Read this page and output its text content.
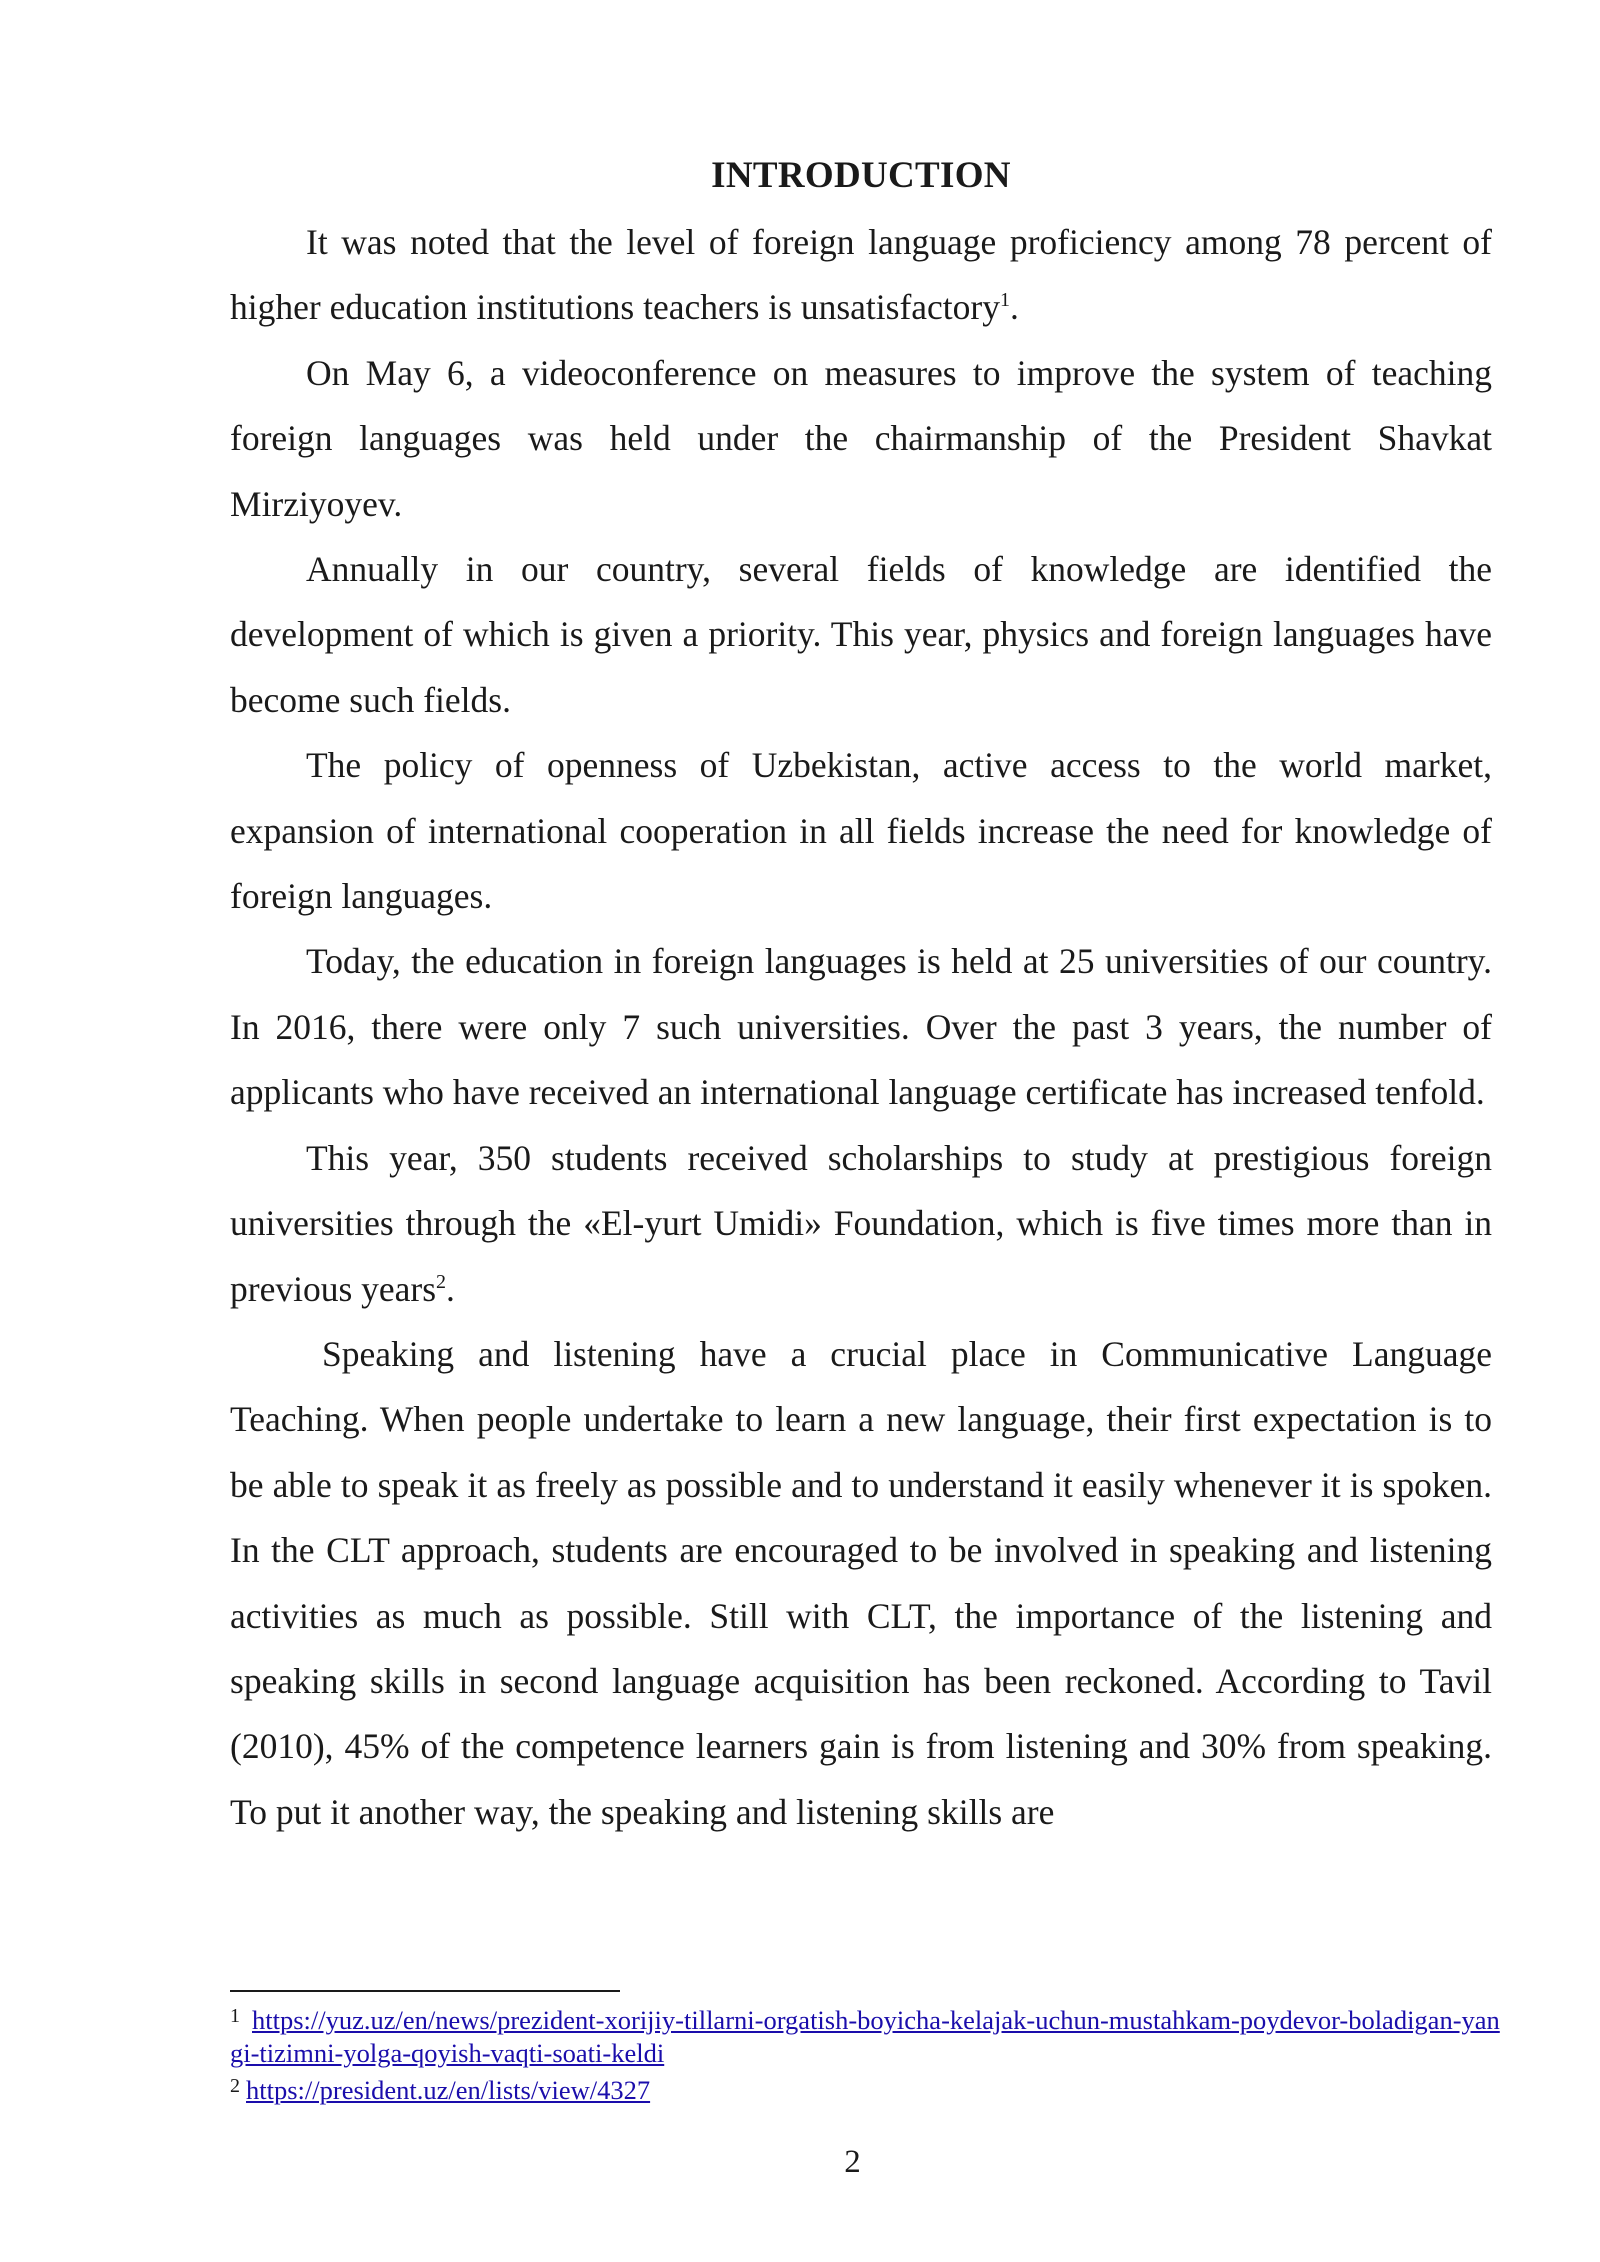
INTRODUCTION

It was noted that the level of foreign language proficiency among 78 percent of higher education institutions teachers is unsatisfactory$^1$.

On May 6, a videoconference on measures to improve the system of teaching foreign languages was held under the chairmanship of the President Shavkat Mirziyoyev.

Annually in our country, several fields of knowledge are identified the development of which is given a priority. This year, physics and foreign languages have become such fields.

The policy of openness of Uzbekistan, active access to the world market, expansion of international cooperation in all fields increase the need for knowledge of foreign languages.

Today, the education in foreign languages is held at 25 universities of our country. In 2016, there were only 7 such universities. Over the past 3 years, the number of applicants who have received an international language certificate has increased tenfold.

This year, 350 students received scholarships to study at prestigious foreign universities through the «El-yurt Umidi» Foundation, which is five times more than in previous years$^2$.

Speaking and listening have a crucial place in Communicative Language Teaching. When people undertake to learn a new language, their first expectation is to be able to speak it as freely as possible and to understand it easily whenever it is spoken. In the CLT approach, students are encouraged to be involved in speaking and listening activities as much as possible. Still with CLT, the importance of the listening and speaking skills in second language acquisition has been reckoned. According to Tavil (2010), 45% of the competence learners gain is from listening and 30% from speaking. To put it another way, the speaking and listening skills are

$^1$ https://yuz.uz/en/news/prezident-xorijiy-tillarni-orgatish-boyicha-kelajak-uchun-mustahkam-poydevor-boladigan-yangi-tizimni-yolga-qoyish-vaqti-soati-keldi
$^2$ https://president.uz/en/lists/view/4327
2
